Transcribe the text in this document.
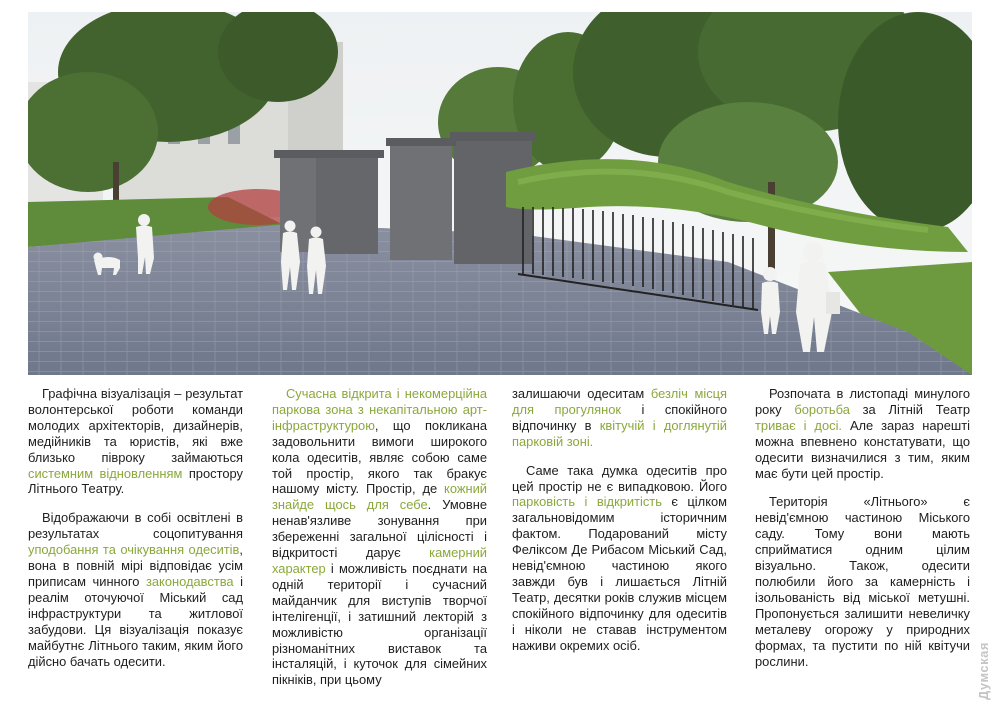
Графічна візуалізація – результат волонтерської роботи команди молодих архітекторів, дизайнерів, медійників та юристів, які вже близько півроку займаються системним відновленням простору Літнього Театру.

Відображаючи в собі освітлені в результатах соцопитування уподобання та очікування одеситів, вона в повній мірі відповідає усім приписам чинного законодавства і реалім оточуючої Міський сад інфраструктури та житлової забудови. Ця візуалізація показує майбутнє Літнього таким, яким його дійсно бачать одесити.

Сучасна відкрита і некомерційна паркова зона з некапітальною арт-інфраструктурою, що покликана задовольнити вимоги широкого кола одеситів, являє собою саме той простір, якого так бракує нашому місту. Простір, де кожний знайде щось для себе. Умовне ненав'язливе зонування при збереженні загальної цілісності і відкритості дарує камерний характер і можливість поєднати на одній території і сучасний майданчик для виступів творчої інтелігенції, і затишний лекторій з можливістю організації різноманітних виставок та інсталяцій, і куточок для сімейних пікніків, при цьому

залишаючи одеситам безліч місця для прогулянок і спокійного відпочинку в квітучій і доглянутій парковій зоні.

Саме така думка одеситів про цей простір не є випадковою. Його парковість і відкритість є цілком загальновідомим історичним фактом. Подарований місту Феліксом Де Рибасом Міський Сад, невід'ємною частиною якого завжди був і лишається Літній Театр, десятки років служив місцем спокійного відпочинку для одеситів і ніколи не ставав інструментом наживи окремих осіб.

Розпочата в листопаді минулого року боротьба за Літній Театр триває і досі. Але зараз нарешті можна впевнено констатувати, що одесити визначилися з тим, яким має бути цей простір.

Територія «Літнього» є невід'ємною частиною Міського саду. Тому вони мають сприйматися одним цілим візуально. Також, одесити полюбили його за камерність і ізольованість від міської метушні. Пропонується залишити невеличку металеву огорожу у природних формах, та пустити по ній квітучи рослини.	Думская
